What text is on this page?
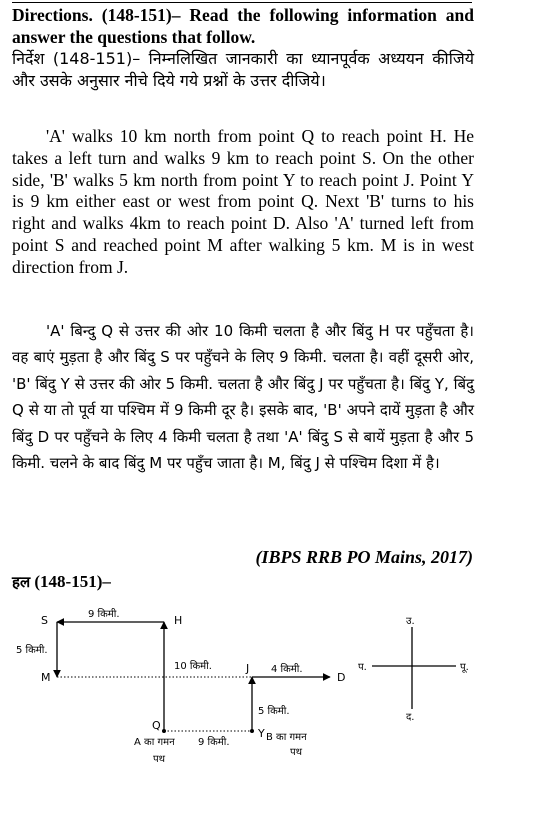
Directions. (148-151)– Read the following information and answer the questions that follow.
निर्देश (148-151)– निम्नलिखित जानकारी का ध्यानपूर्वक अध्ययन कीजिये और उसके अनुसार नीचे दिये गये प्रश्नों के उत्तर दीजिये।
'A' walks 10 km north from point Q to reach point H. He takes a left turn and walks 9 km to reach point S. On the other side, 'B' walks 5 km north from point Y to reach point J. Point Y is 9 km either east or west from point Q. Next 'B' turns to his right and walks 4km to reach point D. Also 'A' turned left from point S and reached point M after walking 5 km. M is in west direction from J.
'A' बिन्दु Q से उत्तर की ओर 10 किमी चलता है और बिंदु H पर पहुँचता है। वह बाएं मुड़ता है और बिंदु S पर पहुँचने के लिए 9 किमी. चलता है। वहीं दूसरी ओर, 'B' बिंदु Y से उत्तर की ओर 5 किमी. चलता है और बिंदु J पर पहुँचता है। बिंदु Y, बिंदु Q से या तो पूर्व या पश्चिम में 9 किमी दूर है। इसके बाद, 'B' अपने दायें मुड़ता है और बिंदु D पर पहुँचने के लिए 4 किमी चलता है तथा 'A' बिंदु S से बायें मुड़ता है और 5 किमी. चलने के बाद बिंदु M पर पहुँच जाता है। M, बिंदु J से पश्चिम दिशा में है।
(IBPS RRB PO Mains, 2017)
हल (148-151)–
S	H
M
J
D
Q
Y
9 किमी.
5 किमी.
10 किमी.	4 किमी.
5 किमी.
9 किमी.
A का गमन
पथ
B का गमन
पथ
उ.
द.
प.	पू.
